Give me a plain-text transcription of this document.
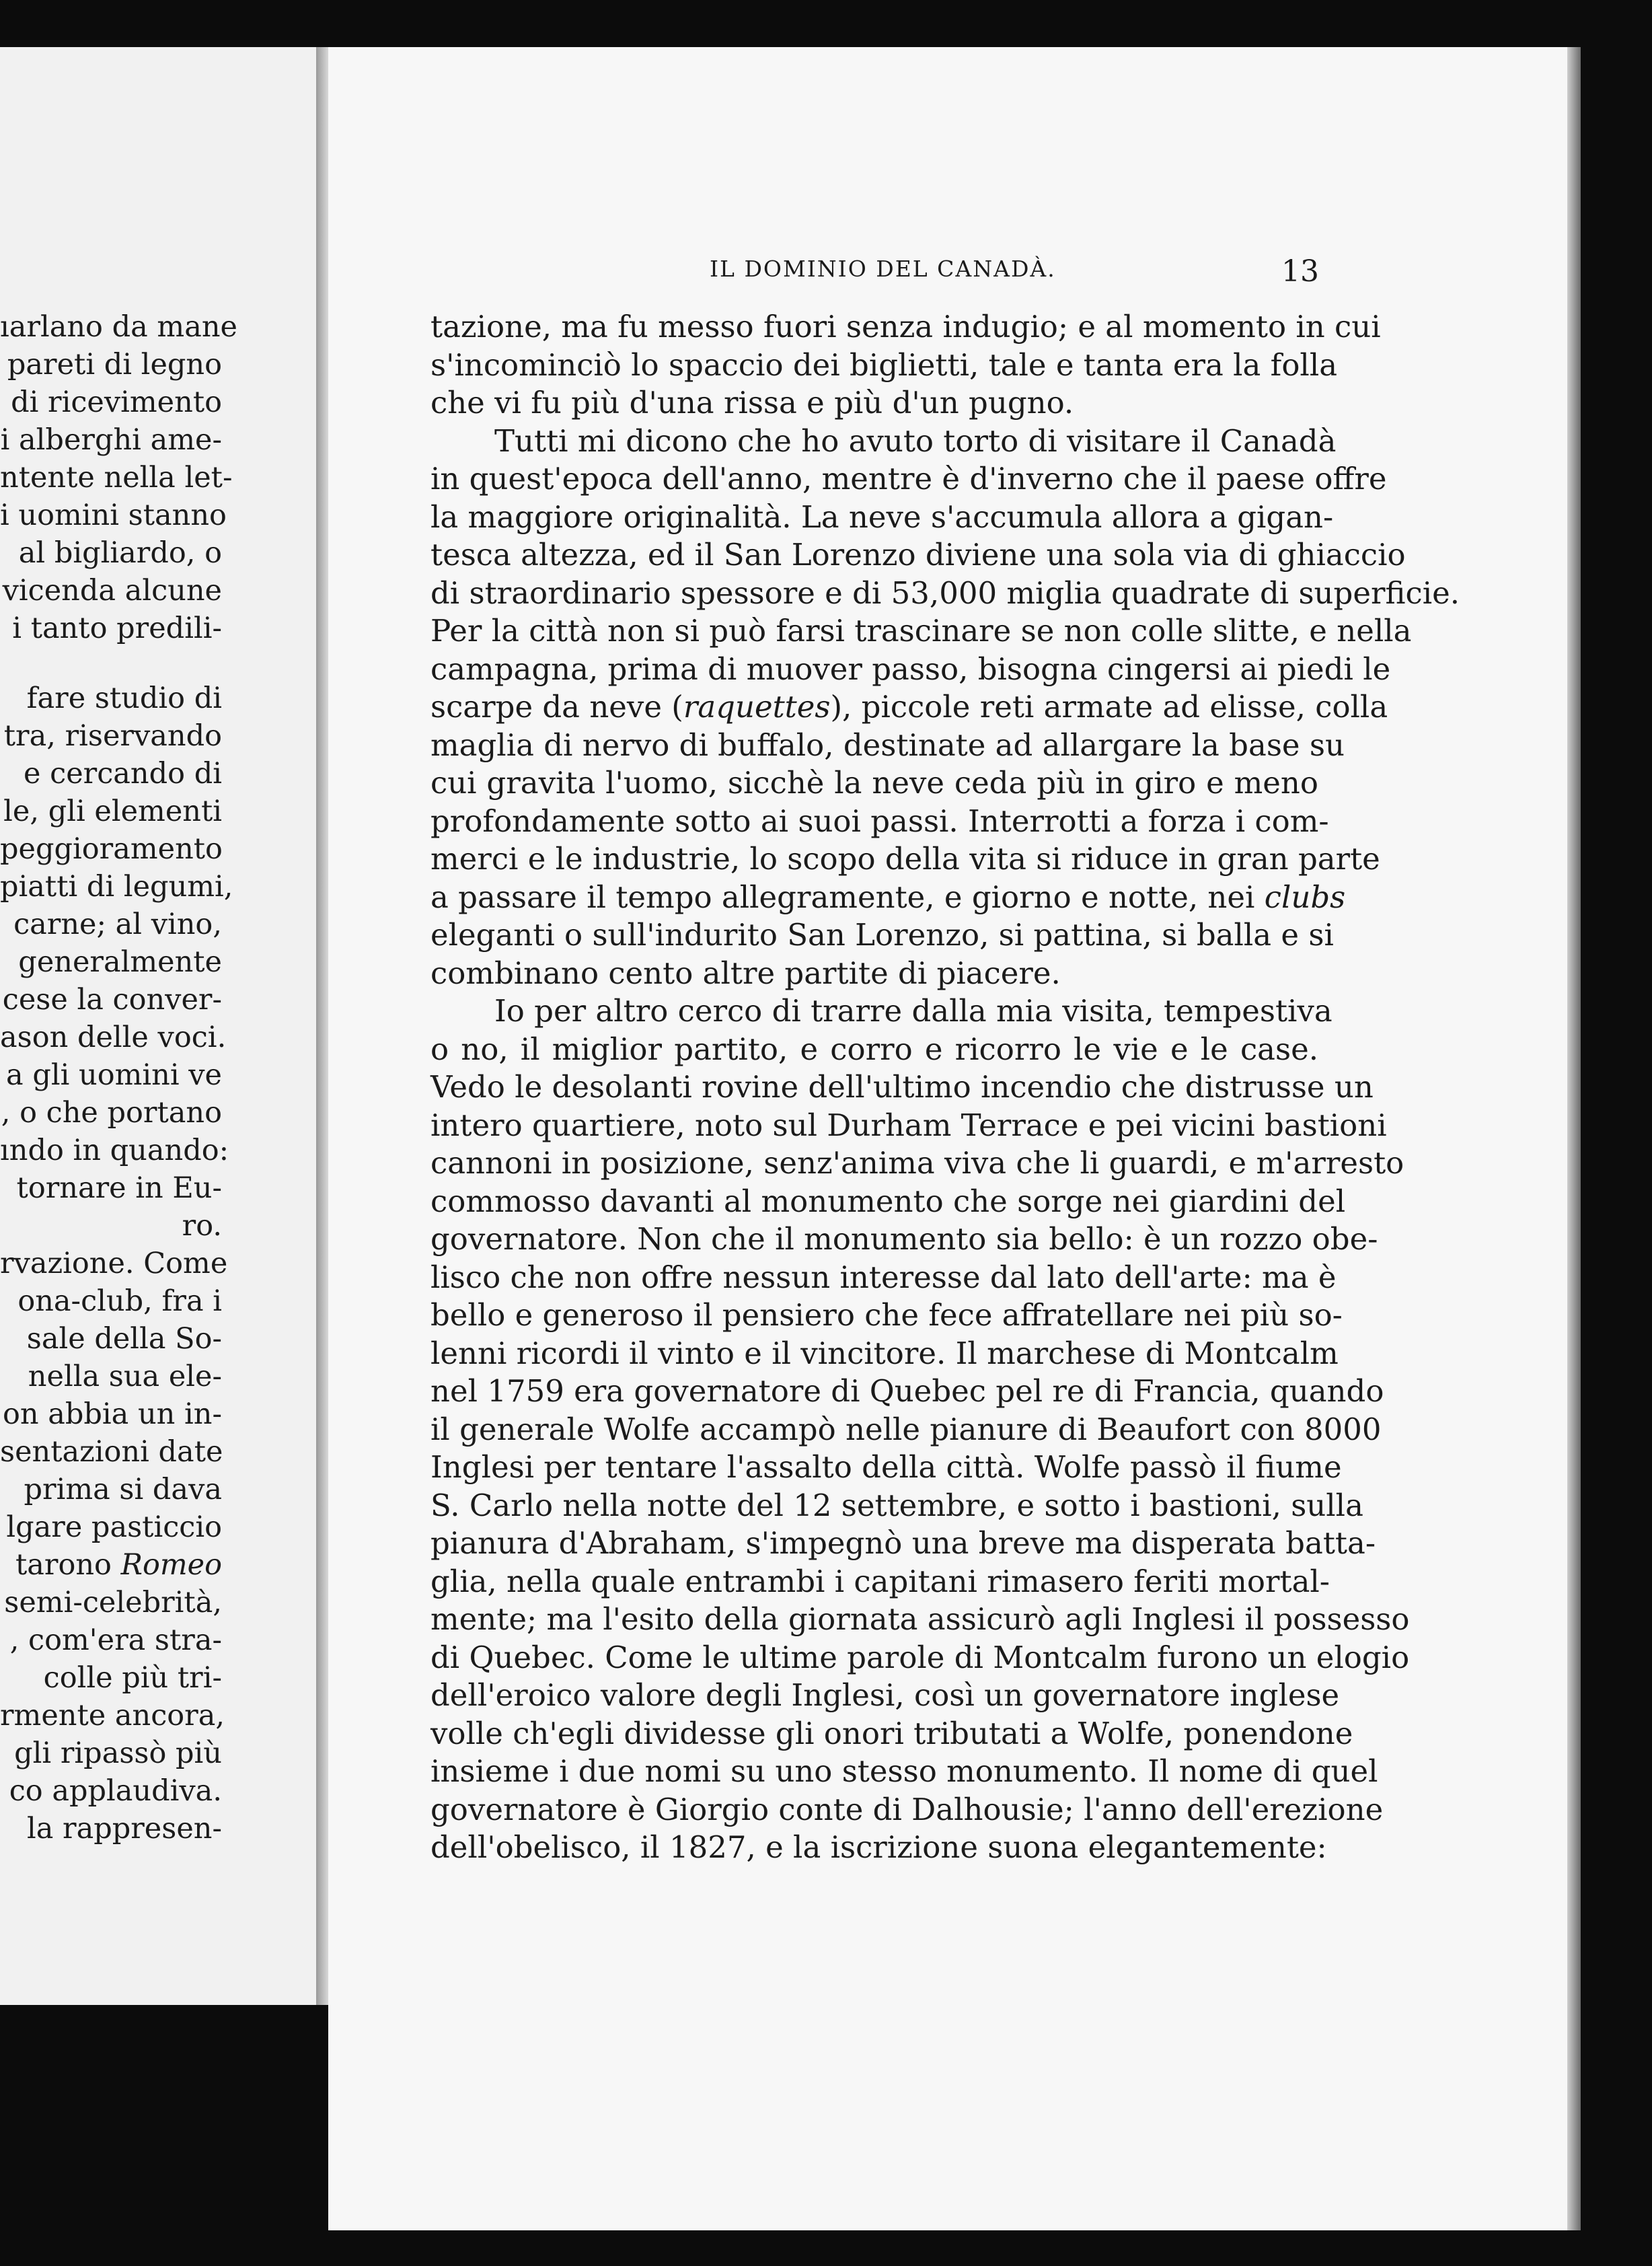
IL DOMINIO DEL CANADÀ.	13
ıarlano da mane
pareti di legno
di ricevimento
i alberghi ame-
ntente nella let-
i uomini stanno
al bigliardo, o
vicenda alcune
i tanto predili-
fare studio di
tra, riservando
e cercando di
le, gli elementi
peggioramento
piatti di legumi,
carne; al vino,
generalmente
cese la conver-
ason delle voci.
a gli uomini ve
, o che portano
ındo in quando:
tornare in Eu-
ro.
rvazione. Come
ona-club, fra i
sale della So-
nella sua ele-
on abbia un in-
sentazioni date
prima si dava
lgare pasticcio
tarono Romeo
semi-celebrità,
, com'era stra-
colle più tri-
rmente ancora,
gli ripassò più
co applaudiva.
la rappresen-
tazione, ma fu messo fuori senza indugio; e al momento in cui
s'incominciò lo spaccio dei biglietti, tale e tanta era la folla
che vi fu più d'una rissa e più d'un pugno.
Tutti mi dicono che ho avuto torto di visitare il Canadà
in quest'epoca dell'anno, mentre è d'inverno che il paese offre
la maggiore originalità. La neve s'accumula allora a gigan-
tesca altezza, ed il San Lorenzo diviene una sola via di ghiaccio
di straordinario spessore e di 53,000 miglia quadrate di superficie.
Per la città non si può farsi trascinare se non colle slitte, e nella
campagna, prima di muover passo, bisogna cingersi ai piedi le
scarpe da neve (raquettes), piccole reti armate ad elisse, colla
maglia di nervo di buffalo, destinate ad allargare la base su
cui gravita l'uomo, sicchè la neve ceda più in giro e meno
profondamente sotto ai suoi passi. Interrotti a forza i com-
merci e le industrie, lo scopo della vita si riduce in gran parte
a passare il tempo allegramente, e giorno e notte, nei clubs
eleganti o sull'indurito San Lorenzo, si pattina, si balla e si
combinano cento altre partite di piacere.
Io per altro cerco di trarre dalla mia visita, tempestiva
o no, il miglior partito, e corro e ricorro le vie e le case.
Vedo le desolanti rovine dell'ultimo incendio che distrusse un
intero quartiere, noto sul Durham Terrace e pei vicini bastioni
cannoni in posizione, senz'anima viva che li guardi, e m'arresto
commosso davanti al monumento che sorge nei giardini del
governatore. Non che il monumento sia bello: è un rozzo obe-
lisco che non offre nessun interesse dal lato dell'arte: ma è
bello e generoso il pensiero che fece affratellare nei più so-
lenni ricordi il vinto e il vincitore. Il marchese di Montcalm
nel 1759 era governatore di Quebec pel re di Francia, quando
il generale Wolfe accampò nelle pianure di Beaufort con 8000
Inglesi per tentare l'assalto della città. Wolfe passò il fiume
S. Carlo nella notte del 12 settembre, e sotto i bastioni, sulla
pianura d'Abraham, s'impegnò una breve ma disperata batta-
glia, nella quale entrambi i capitani rimasero feriti mortal-
mente; ma l'esito della giornata assicurò agli Inglesi il possesso
di Quebec. Come le ultime parole di Montcalm furono un elogio
dell'eroico valore degli Inglesi, così un governatore inglese
volle ch'egli dividesse gli onori tributati a Wolfe, ponendone
insieme i due nomi su uno stesso monumento. Il nome di quel
governatore è Giorgio conte di Dalhousie; l'anno dell'erezione
dell'obelisco, il 1827, e la iscrizione suona elegantemente:
